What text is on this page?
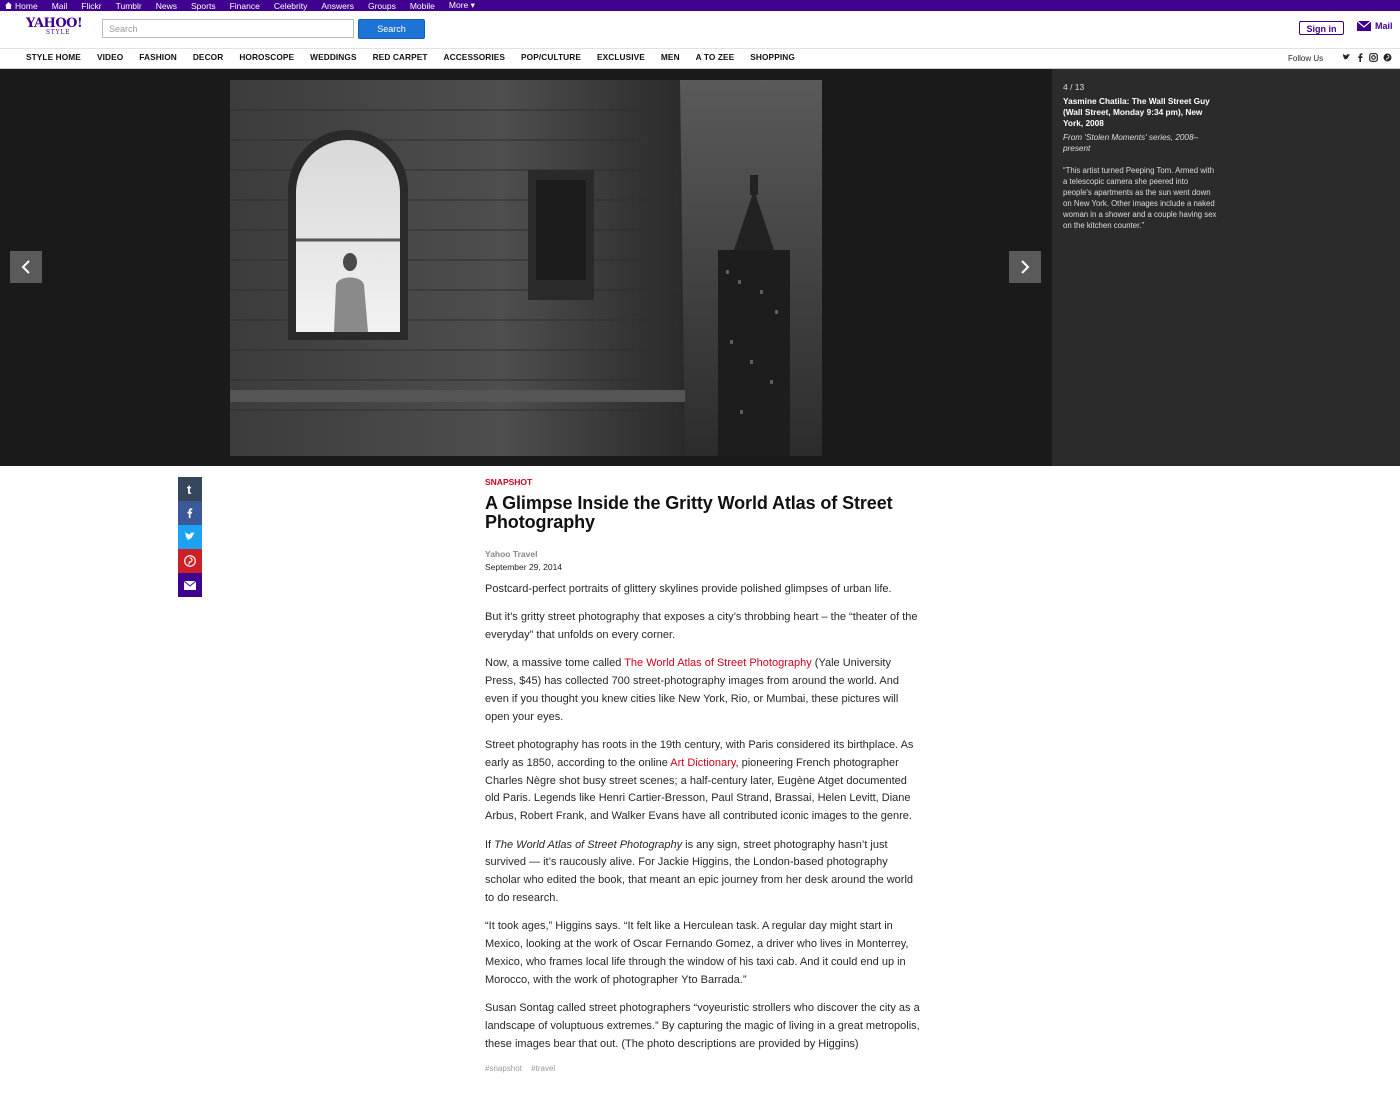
Home Mail Flickr Tumblr News Sports Finance Celebrity Answers Groups Mobile More ▾
YAHOO!
STYLE	Search	Search	Sign in	Mail
STYLE HOME VIDEO FASHION DECOR HOROSCOPE WEDDINGS RED CARPET ACCESSORIES POP/CULTURE EXCLUSIVE MEN A TO ZEE SHOPPING	Follow Us
4 / 13
Yasmine Chatila: The Wall Street Guy (Wall Street, Monday 9:34 pm), New York, 2008
From 'Stolen Moments' series, 2008–present
“This artist turned Peeping Tom. Armed with a telescopic camera she peered into people's apartments as the sun went down on New York. Other images include a naked woman in a shower and a couple having sex on the kitchen counter.”
t	SNAPSHOT
A Glimpse Inside the Gritty World Atlas of Street Photography
Yahoo Travel
September 29, 2014

Postcard-perfect portraits of glittery skylines provide polished glimpses of urban life.

But it’s gritty street photography that exposes a city’s throbbing heart – the “theater of the everyday” that unfolds on every corner.

Now, a massive tome called The World Atlas of Street Photography (Yale University Press, $45) has collected 700 street-photography images from around the world. And even if you thought you knew cities like New York, Rio, or Mumbai, these pictures will open your eyes.

Street photography has roots in the 19th century, with Paris considered its birthplace. As early as 1850, according to the online Art Dictionary, pioneering French photographer Charles Nègre shot busy street scenes; a half-century later, Eugène Atget documented old Paris. Legends like Henri Cartier-Bresson, Paul Strand, Brassai, Helen Levitt, Diane Arbus, Robert Frank, and Walker Evans have all contributed iconic images to the genre.

If The World Atlas of Street Photography is any sign, street photography hasn’t just survived — it’s raucously alive. For Jackie Higgins, the London-based photography scholar who edited the book, that meant an epic journey from her desk around the world to do research.

“It took ages,” Higgins says. “It felt like a Herculean task. A regular day might start in Mexico, looking at the work of Oscar Fernando Gomez, a driver who lives in Monterrey, Mexico, who frames local life through the window of his taxi cab. And it could end up in Morocco, with the work of photographer Yto Barrada.”

Susan Sontag called street photographers “voyeuristic strollers who discover the city as a landscape of voluptuous extremes.” By capturing the magic of living in a great metropolis, these images bear that out. (The photo descriptions are provided by Higgins)

#snapshot #travel
